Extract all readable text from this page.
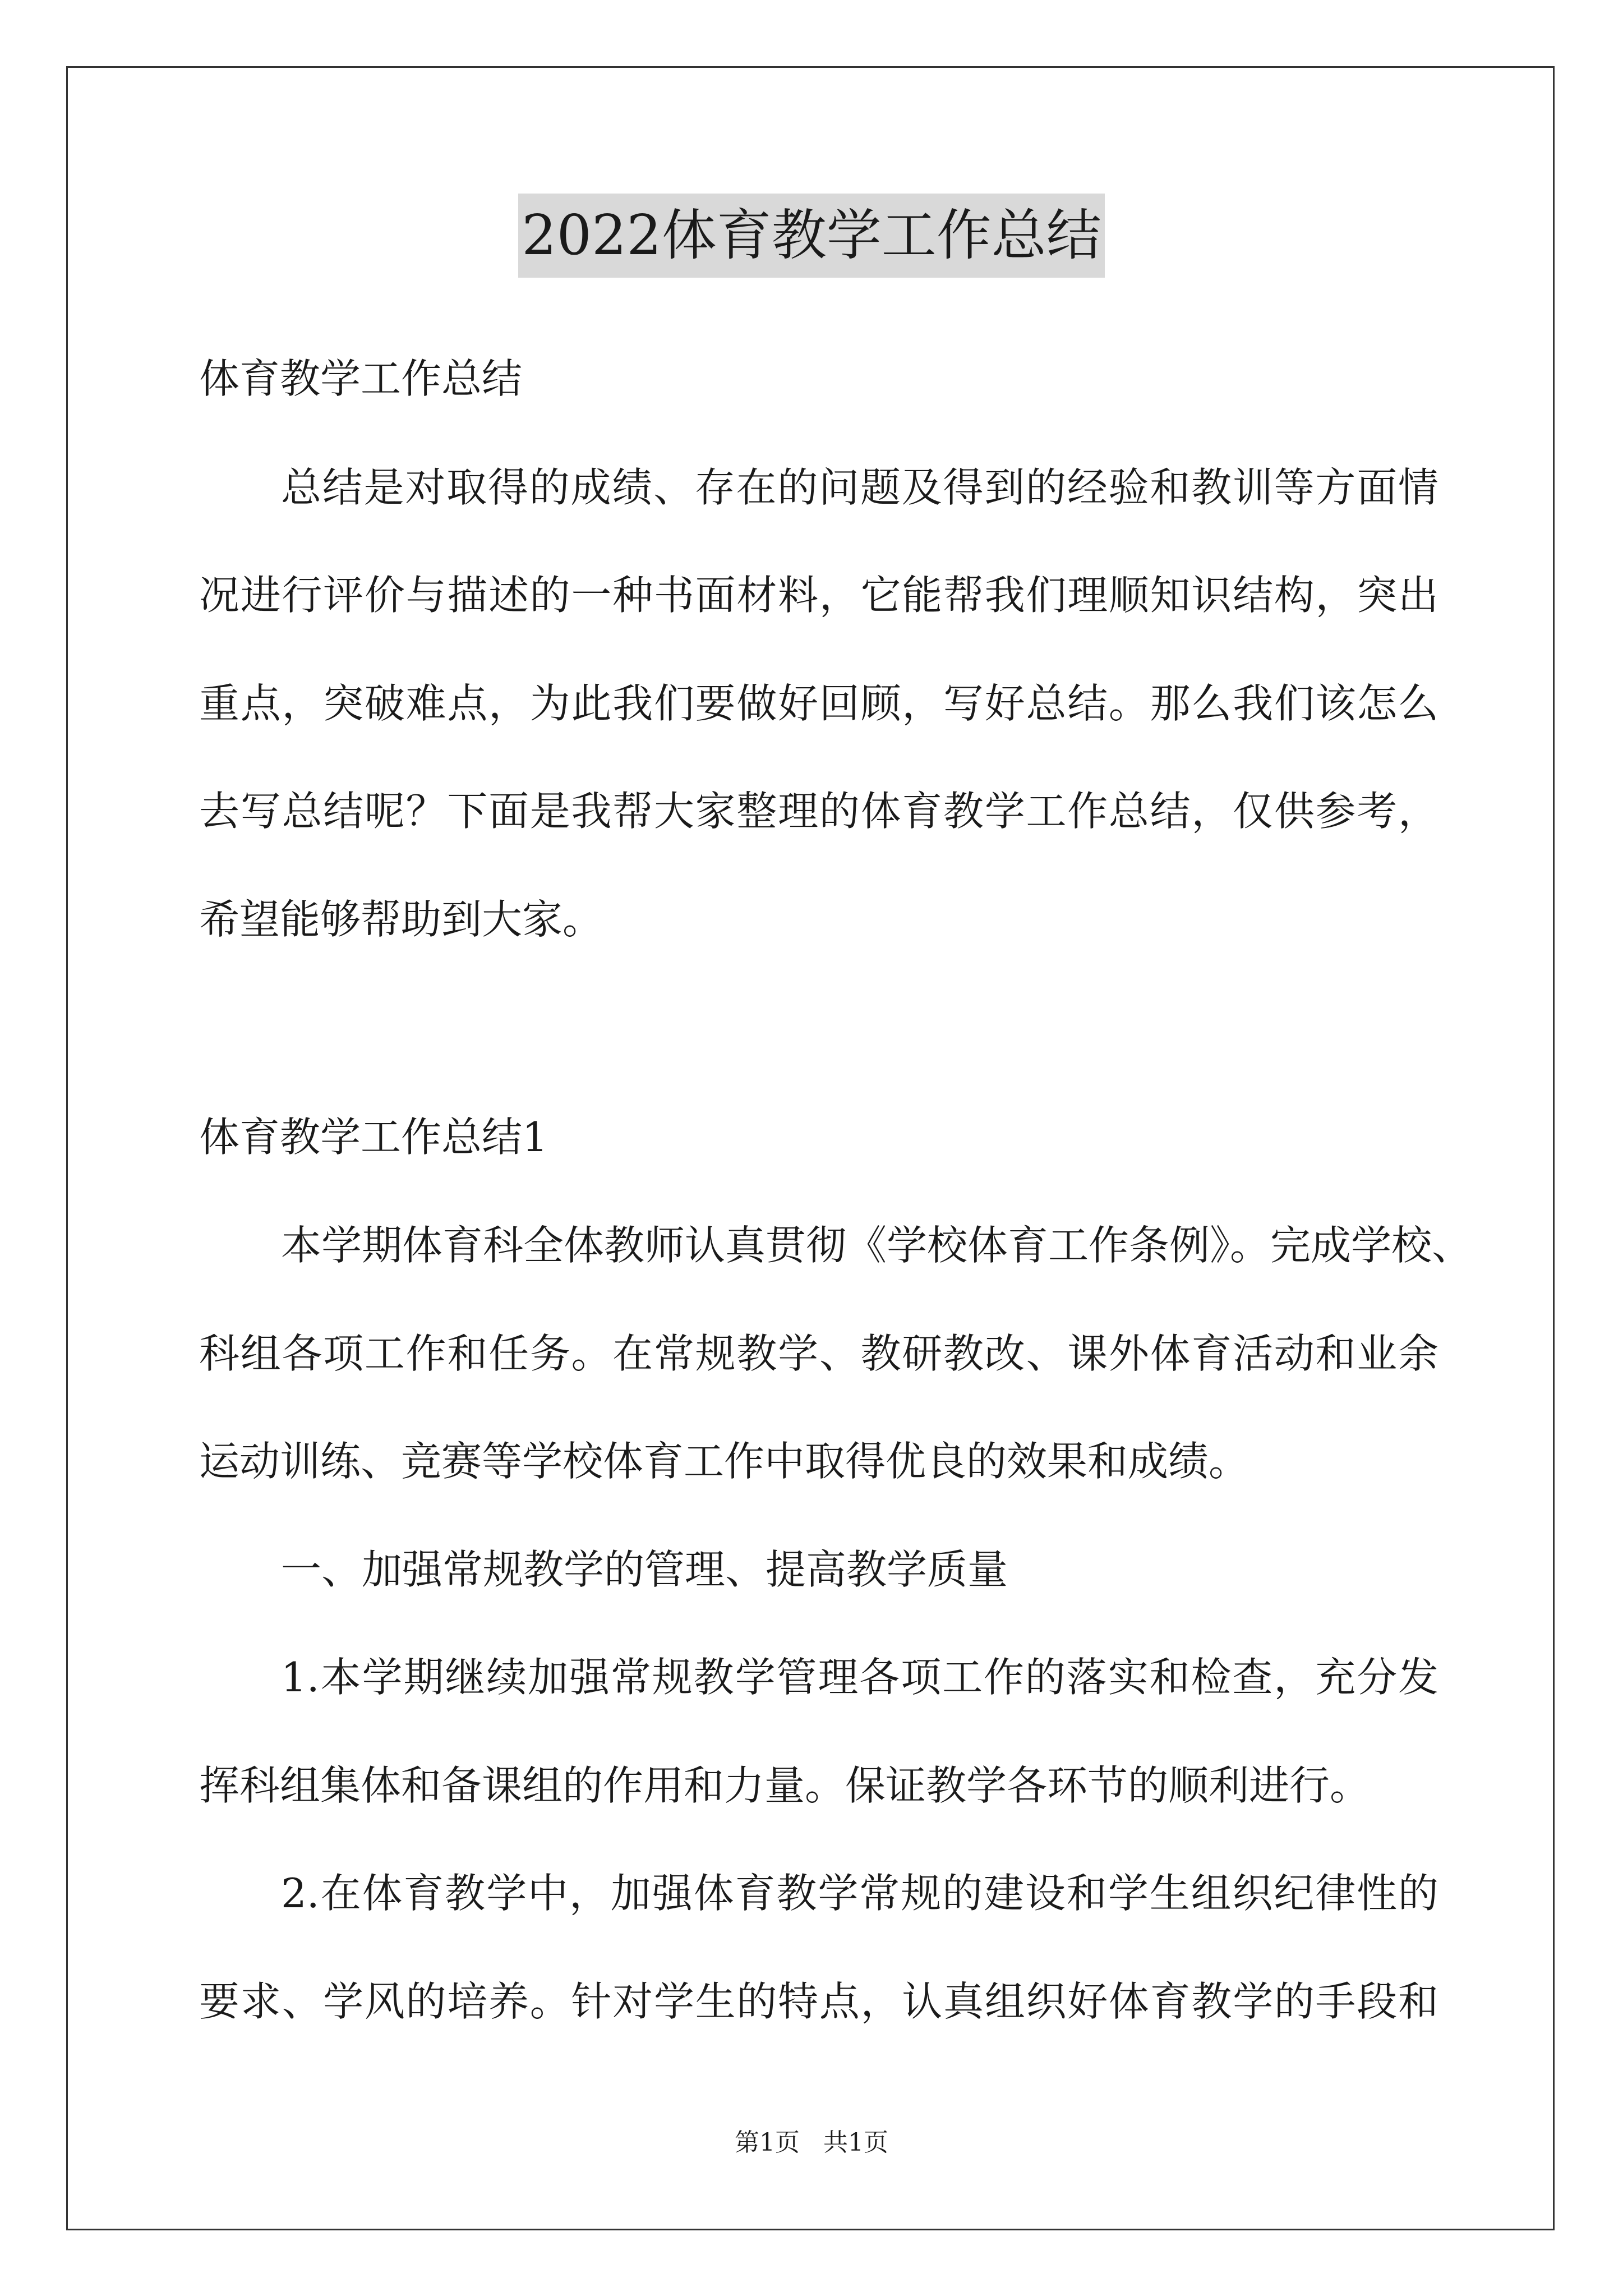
2022体育教学工作总结
体育教学工作总结
总结是对取得的成绩、存在的问题及得到的经验和教训等方面情
况进行评价与描述的一种书面材料，它能帮我们理顺知识结构，突出
重点，突破难点，为此我们要做好回顾，写好总结。那么我们该怎么
去写总结呢？下面是我帮大家整理的体育教学工作总结，仅供参考，
希望能够帮助到大家。
体育教学工作总结1
本学期体育科全体教师认真贯彻《学校体育工作条例》。完成学校、
科组各项工作和任务。在常规教学、教研教改、课外体育活动和业余
运动训练、竞赛等学校体育工作中取得优良的效果和成绩。
一、加强常规教学的管理、提高教学质量
1.本学期继续加强常规教学管理各项工作的落实和检查，充分发
挥科组集体和备课组的作用和力量。保证教学各环节的顺利进行。
2.在体育教学中，加强体育教学常规的建设和学生组织纪律性的
要求、学风的培养。针对学生的特点，认真组织好体育教学的手段和
第1页 共1页
